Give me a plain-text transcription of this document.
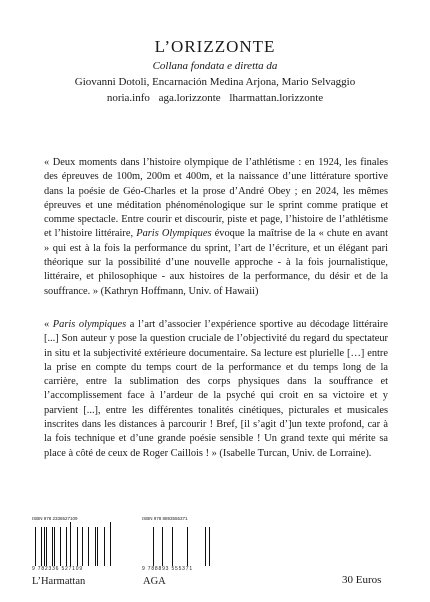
L’ORIZZONTE
Collana fondata e diretta da
Giovanni Dotoli, Encarnación Medina Arjona, Mario Selvaggio
noria.info aga.lorizzonte lharmattan.lorizzonte
« Deux moments dans l’histoire olympique de l’athlétisme : en 1924, les finales des épreuves de 100m, 200m et 400m, et la naissance d’une littérature sportive dans la poésie de Géo-Charles et la prose d’André Obey ; en 2024, les mêmes épreuves et une méditation phénoménologique sur le sprint comme pratique et comme spectacle. Entre courir et discourir, piste et page, l’histoire de l’athlétisme et l’histoire littéraire, Paris Olympiques évoque la maîtrise de la « chute en avant » qui est à la fois la performance du sprint, l’art de l’écriture, et un élégant pari théorique sur la possibilité d’une nouvelle approche - à la fois journalistique, littéraire, et philosophique - aux histoires de la performance, du désir et de la souffrance. » (Kathryn Hoffmann, Univ. of Hawaii)
« Paris olympiques a l’art d’associer l’expérience sportive au décodage littéraire [...] Son auteur y pose la question cruciale de l’objectivité du regard du spectateur in situ et la subjectivité extérieure documentaire. Sa lecture est plurielle […] entre la prise en compte du temps court de la performance et du temps long de la carrière, entre la sublimation des corps physiques dans la souffrance et l’accomplissement face à l’ardeur de la psyché qui croit en sa victoire et y parvient [...], entre les différentes tonalités cinétiques, picturales et musicales inscrites dans les distances à parcourir ! Bref, [il s’agit d’]un texte profond, car à la fois technique et d’une grande poésie sensible ! Un grand texte qui mérite sa place à côté de ceux de Roger Caillois ! » (Isabelle Turcan, Univ. de Lorraine).
ISBN 978 2336527109
9 782336 527109
ISBN 978 8893555371
9 788893 555371
L’Harmattan	AGA	30 Euros
